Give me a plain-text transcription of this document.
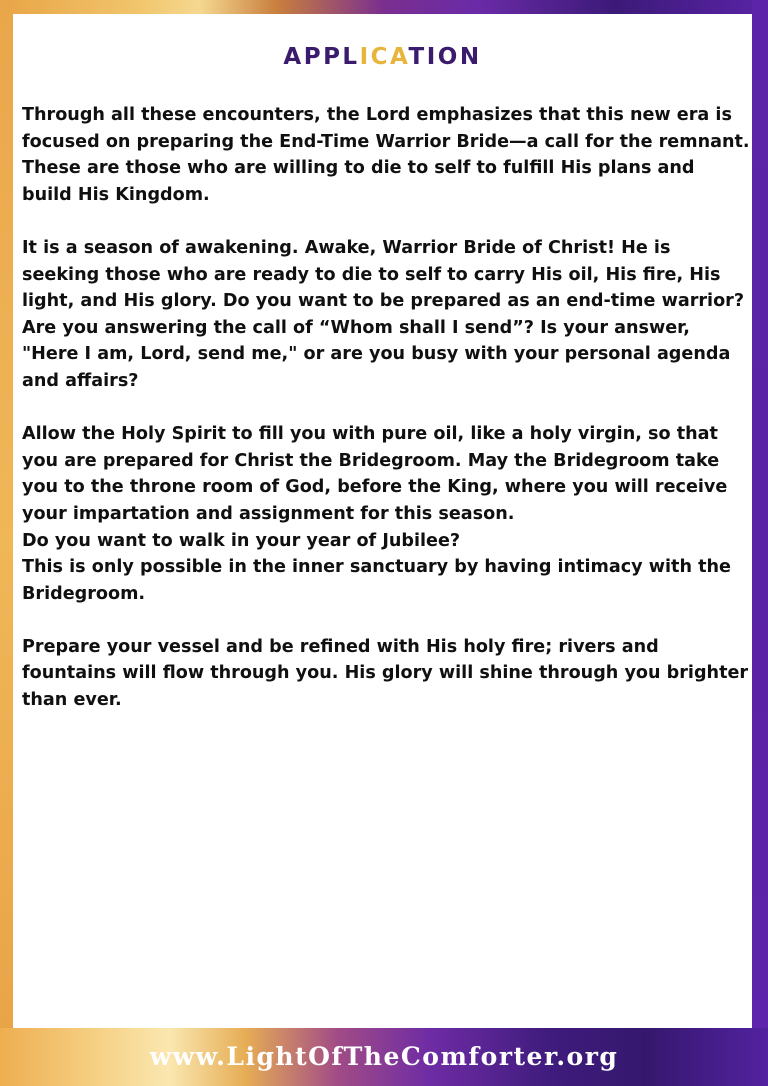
APPLICATION

Through all these encounters, the Lord emphasizes that this new era is focused on preparing the End-Time Warrior Bride—a call for the remnant. These are those who are willing to die to self to fulfill His plans and build His Kingdom.

It is a season of awakening. Awake, Warrior Bride of Christ! He is seeking those who are ready to die to self to carry His oil, His fire, His light, and His glory. Do you want to be prepared as an end-time warrior? Are you answering the call of “Whom shall I send”? Is your answer, "Here I am, Lord, send me," or are you busy with your personal agenda and affairs?

Allow the Holy Spirit to fill you with pure oil, like a holy virgin, so that you are prepared for Christ the Bridegroom. May the Bridegroom take you to the throne room of God, before the King, where you will receive your impartation and assignment for this season.

Do you want to walk in your year of Jubilee?

This is only possible in the inner sanctuary by having intimacy with the Bridegroom.

Prepare your vessel and be refined with His holy fire; rivers and fountains will flow through you. His glory will shine through you brighter than ever.

www.LightOfTheComforter.org
